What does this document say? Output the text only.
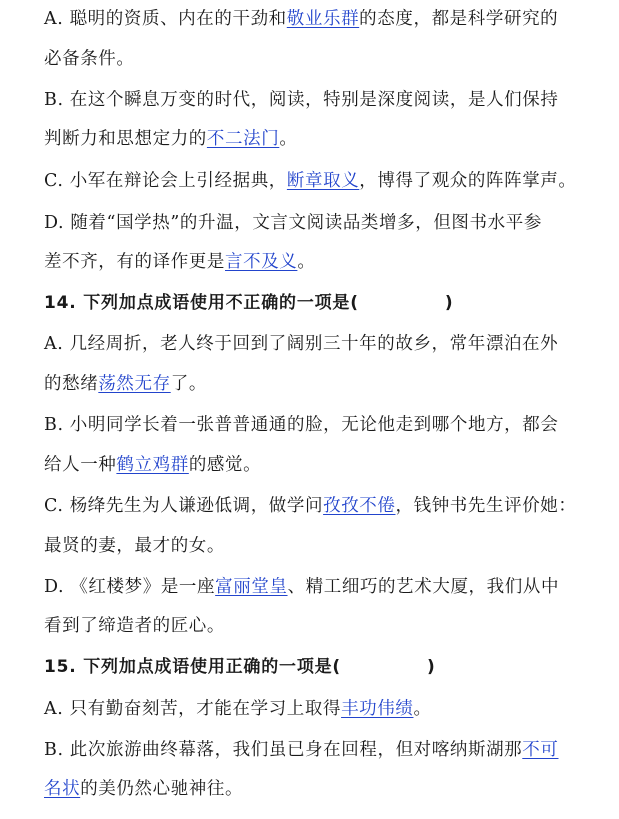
A. 聪明的资质、内在的干劲和敬业乐群的态度，都是科学研究的
必备条件。
B. 在这个瞬息万变的时代，阅读，特别是深度阅读，是人们保持
判断力和思想定力的不二法门。
C. 小军在辩论会上引经据典，断章取义，博得了观众的阵阵掌声。
D. 随着“国学热”的升温，文言文阅读品类增多，但图书水平参
差不齐，有的译作更是言不及义。
14. 下列加点成语使用不正确的一项是(	)
A. 几经周折，老人终于回到了阔别三十年的故乡，常年漂泊在外
的愁绪荡然无存了。
B. 小明同学长着一张普普通通的脸，无论他走到哪个地方，都会
给人一种鹤立鸡群的感觉。
C. 杨绛先生为人谦逊低调，做学问孜孜不倦，钱钟书先生评价她：
最贤的妻，最才的女。
D. 《红楼梦》是一座富丽堂皇、精工细巧的艺术大厦，我们从中
看到了缔造者的匠心。
15. 下列加点成语使用正确的一项是(	)
A. 只有勤奋刻苦，才能在学习上取得丰功伟绩。
B. 此次旅游曲终幕落，我们虽已身在回程，但对喀纳斯湖那不可
名状的美仍然心驰神往。
